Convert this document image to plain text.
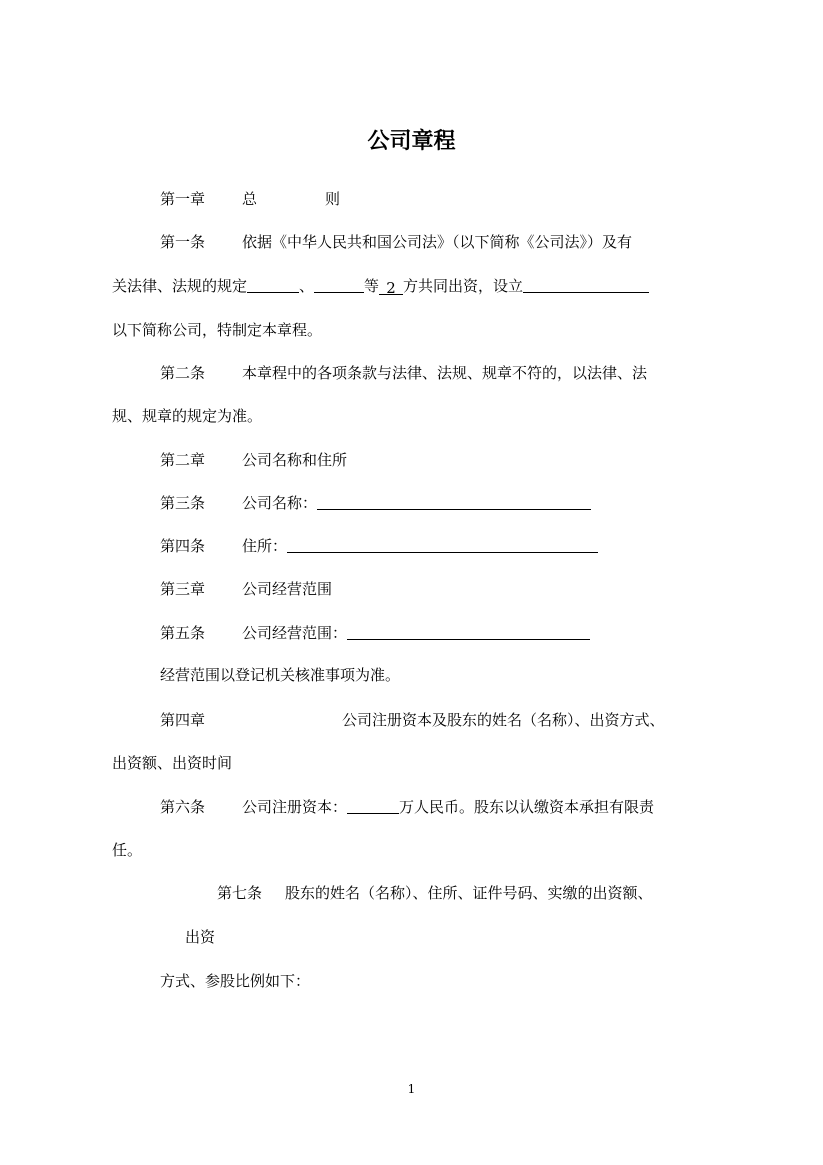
公司章程
第一章 总	则
第一条 依据《中华人民共和国公司法》（以下简称《公司法》）及有
关法律、法规的规定	、	等 2 方共同出资，设立
以下简称公司，特制定本章程。
第二条 本章程中的各项条款与法律、法规、规章不符的，以法律、法
规、规章的规定为准。
第二章 公司名称和住所
第三条 公司名称：
第四条 住所：
第三章 公司经营范围
第五条 公司经营范围：
经营范围以登记机关核准事项为准。
第四章	公司注册资本及股东的姓名（名称）、出资方式、
出资额、出资时间
第六条 公司注册资本：	万人民币。股东以认缴资本承担有限责
任。
第七条 股东的姓名（名称）、住所、证件号码、实缴的出资额、
出资
方式、参股比例如下：
1
